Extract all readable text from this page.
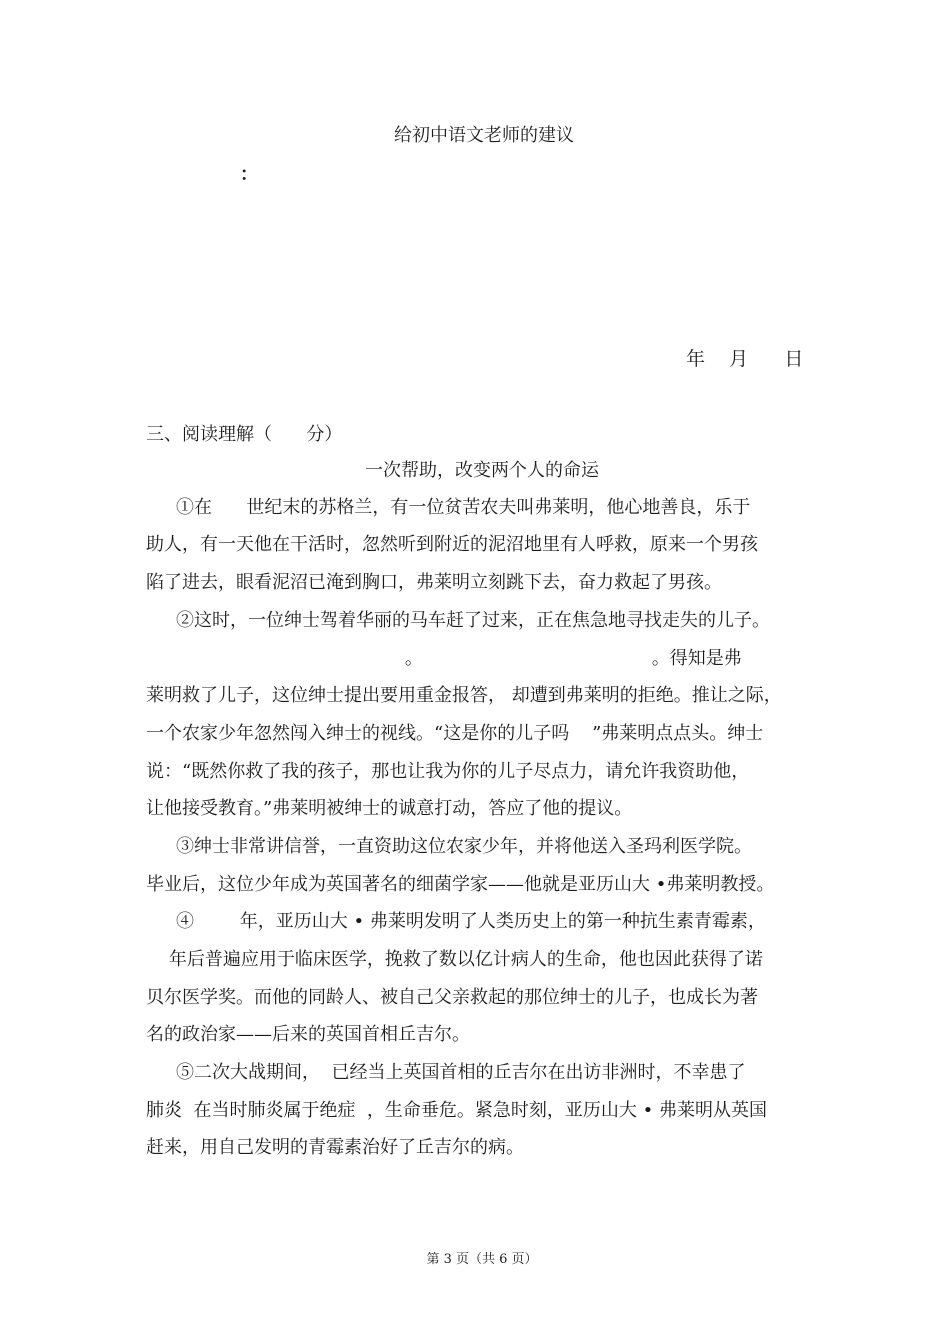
给初中语文老师的建议
：
年    月      日
三、阅读理解（      分）
一次帮助，改变两个人的命运
①在      世纪末的苏格兰，有一位贫苦农夫叫弗莱明，他心地善良，乐于
助人，有一天他在干活时，忽然听到附近的泥沼地里有人呼救，原来一个男孩
陷了进去，眼看泥沼已淹到胸口，弗莱明立刻跳下去，奋力救起了男孩。
②这时，一位绅士驾着华丽的马车赶了过来，正在焦急地寻找走失的儿子。
。                                        。得知是弗
莱明救了儿子，这位绅士提出要用重金报答， 却遭到弗莱明的拒绝。推让之际，
一个农家少年忽然闯入绅士的视线。“这是你的儿子吗    ”弗莱明点点头。绅士
说：“既然你救了我的孩子，那也让我为你的儿子尽点力，请允许我资助他，
让他接受教育。”弗莱明被绅士的诚意打动，答应了他的提议。
③绅士非常讲信誉，一直资助这位农家少年，并将他送入圣玛利医学院。
毕业后，这位少年成为英国著名的细菌学家——他就是亚历山大 •弗莱明教授。
④        年，亚历山大 • 弗莱明发明了人类历史上的第一种抗生素青霉素，
年后普遍应用于临床医学，挽救了数以亿计病人的生命，他也因此获得了诺
贝尔医学奖。而他的同龄人、被自己父亲救起的那位绅士的儿子，也成长为著
名的政治家——后来的英国首相丘吉尔。
⑤二次大战期间，  已经当上英国首相的丘吉尔在出访非洲时，不幸患了
肺炎  在当时肺炎属于绝症  ，生命垂危。紧急时刻，亚历山大 • 弗莱明从英国
赶来，用自己发明的青霉素治好了丘吉尔的病。
第 3 页（共 6 页）
